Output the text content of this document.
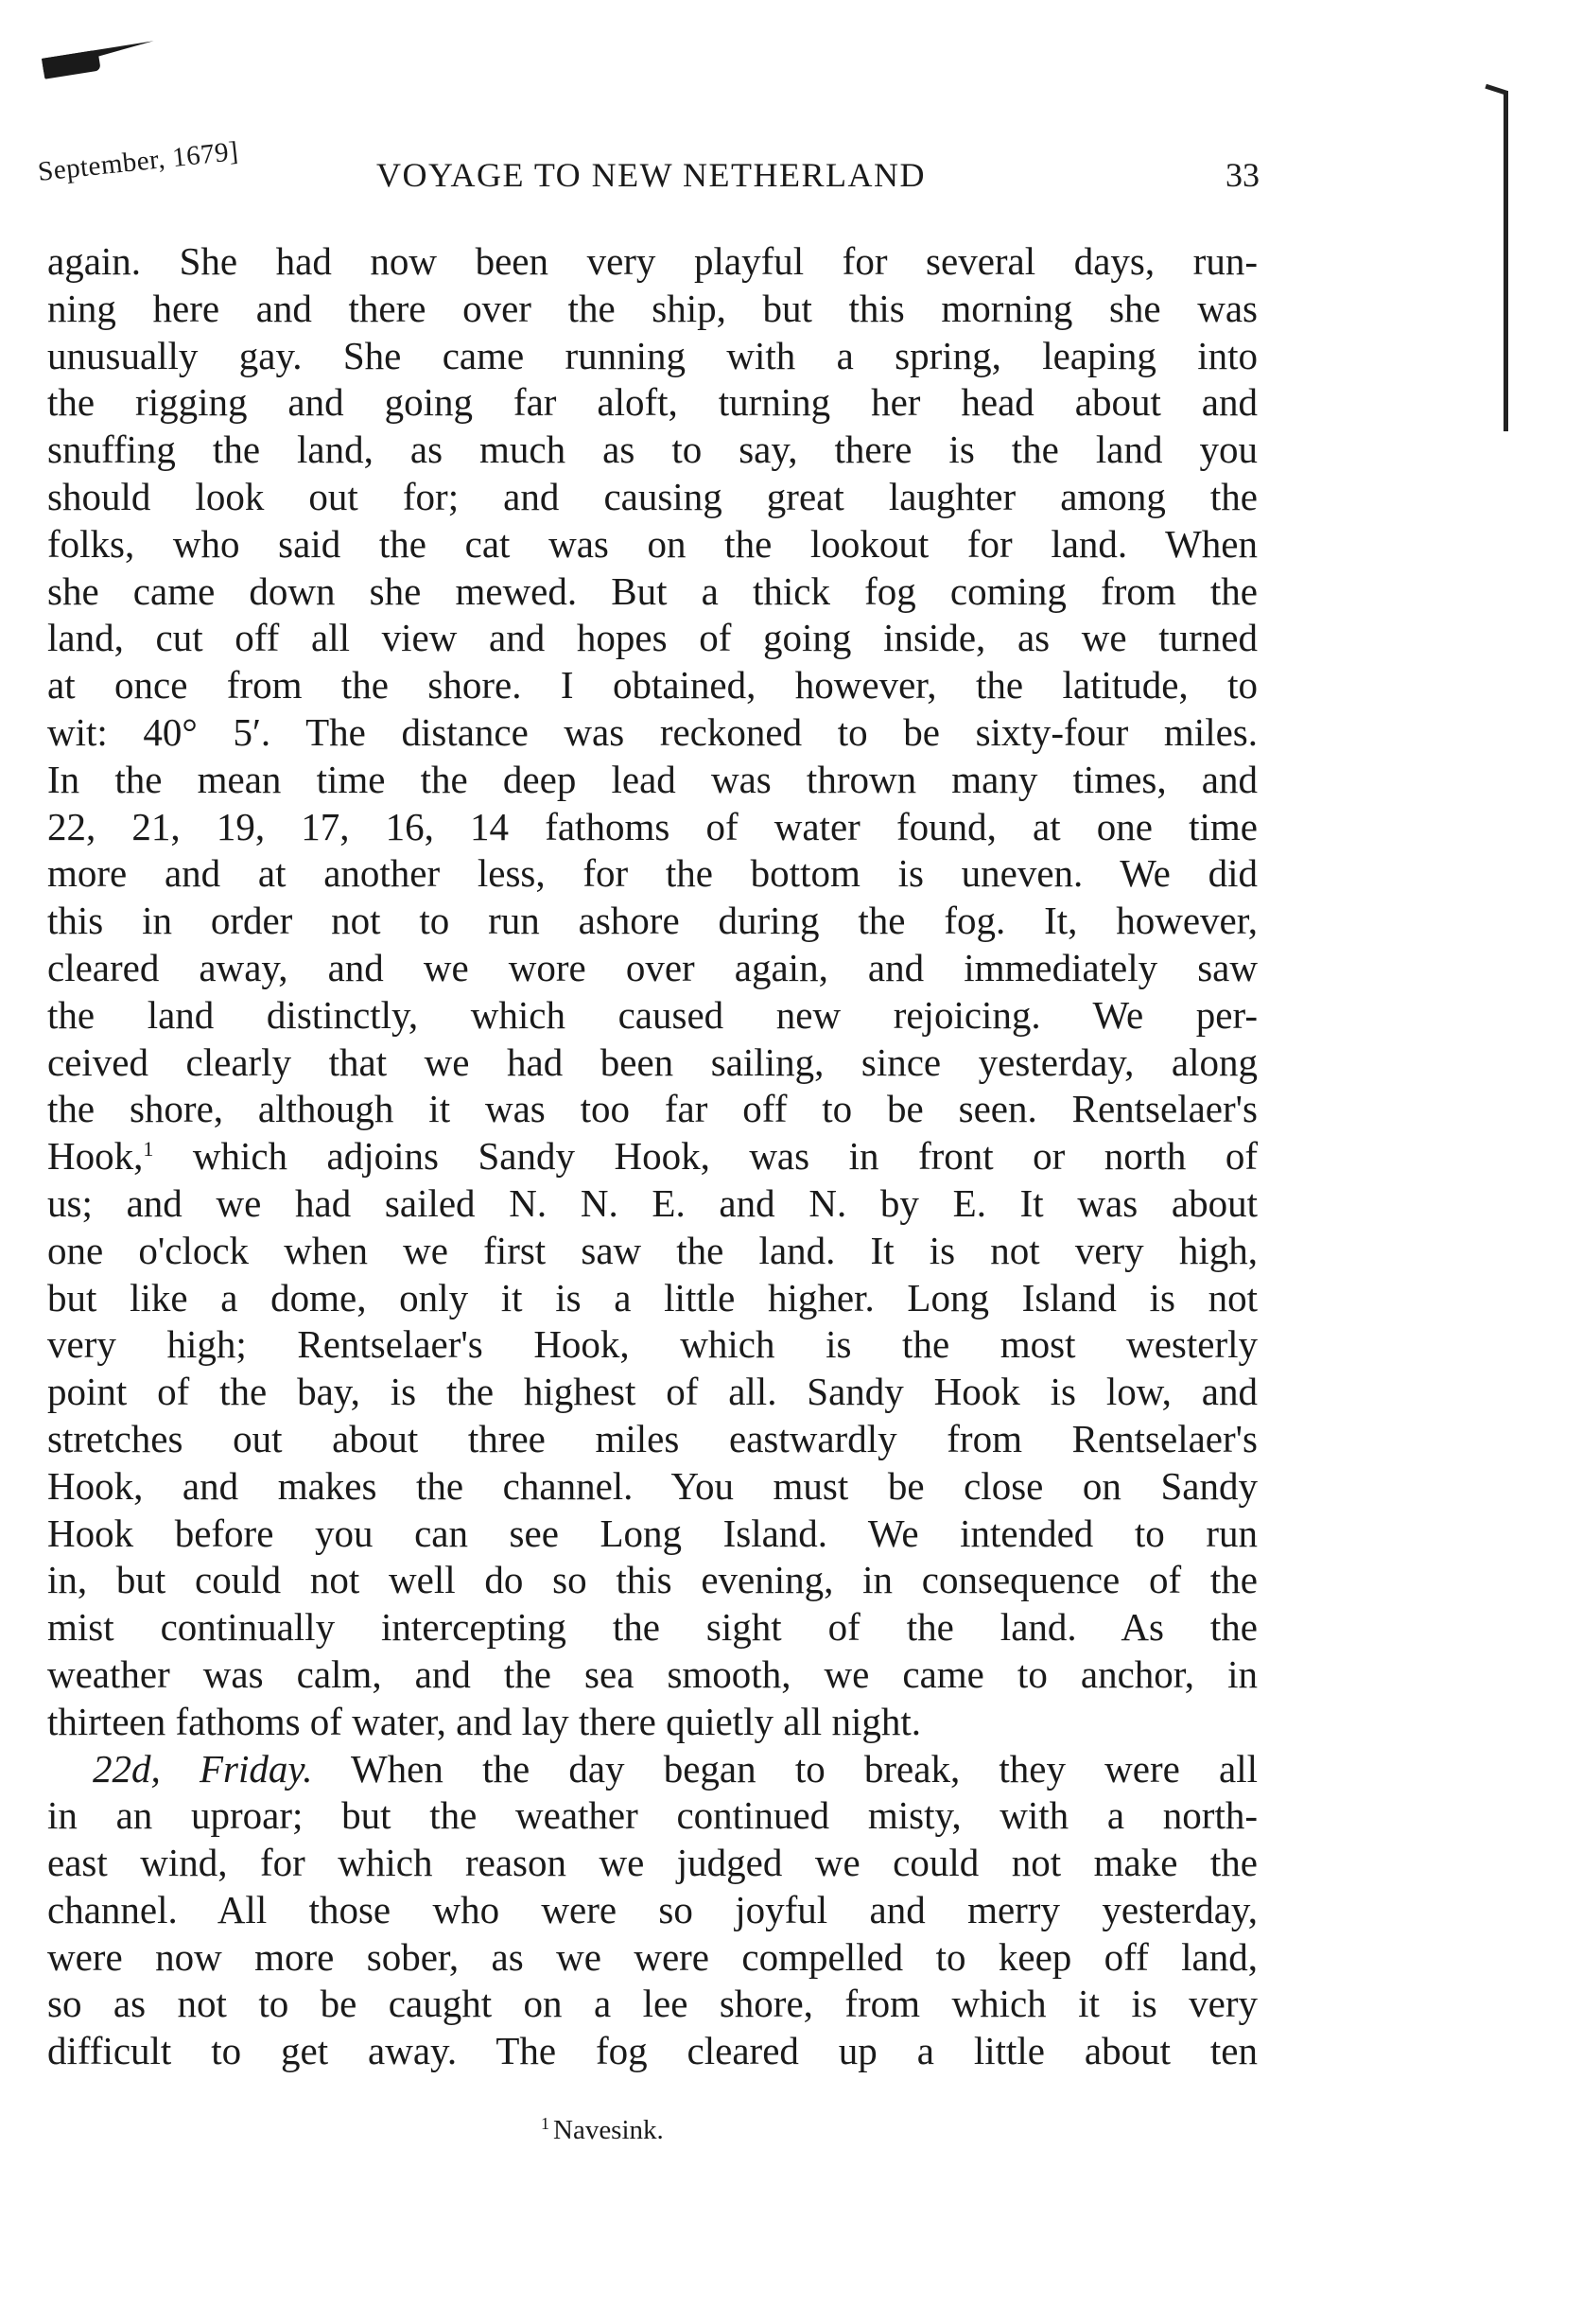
September, 1679]	VOYAGE TO NEW NETHERLAND	33
again. She had now been very playful for several days, run-
ning here and there over the ship, but this morning she was
unusually gay. She came running with a spring, leaping into
the rigging and going far aloft, turning her head about and
snuffing the land, as much as to say, there is the land you
should look out for; and causing great laughter among the
folks, who said the cat was on the lookout for land. When
she came down she mewed. But a thick fog coming from the
land, cut off all view and hopes of going inside, as we turned
at once from the shore. I obtained, however, the latitude, to
wit: 40° 5′. The distance was reckoned to be sixty-four miles.
In the mean time the deep lead was thrown many times, and
22, 21, 19, 17, 16, 14 fathoms of water found, at one time
more and at another less, for the bottom is uneven. We did
this in order not to run ashore during the fog. It, however,
cleared away, and we wore over again, and immediately saw
the land distinctly, which caused new rejoicing. We per-
ceived clearly that we had been sailing, since yesterday, along
the shore, although it was too far off to be seen. Rentselaer's
Hook,$^1$ which adjoins Sandy Hook, was in front or north of
us; and we had sailed N. N. E. and N. by E. It was about
one o'clock when we first saw the land. It is not very high,
but like a dome, only it is a little higher. Long Island is not
very high; Rentselaer's Hook, which is the most westerly
point of the bay, is the highest of all. Sandy Hook is low, and
stretches out about three miles eastwardly from Rentselaer's
Hook, and makes the channel. You must be close on Sandy
Hook before you can see Long Island. We intended to run
in, but could not well do so this evening, in consequence of the
mist continually intercepting the sight of the land. As the
weather was calm, and the sea smooth, we came to anchor, in
thirteen fathoms of water, and lay there quietly all night.
22d, Friday. When the day began to break, they were all
in an uproar; but the weather continued misty, with a north-
east wind, for which reason we judged we could not make the
channel. All those who were so joyful and merry yesterday,
were now more sober, as we were compelled to keep off land,
so as not to be caught on a lee shore, from which it is very
difficult to get away. The fog cleared up a little about ten
$^1$ Navesink.
